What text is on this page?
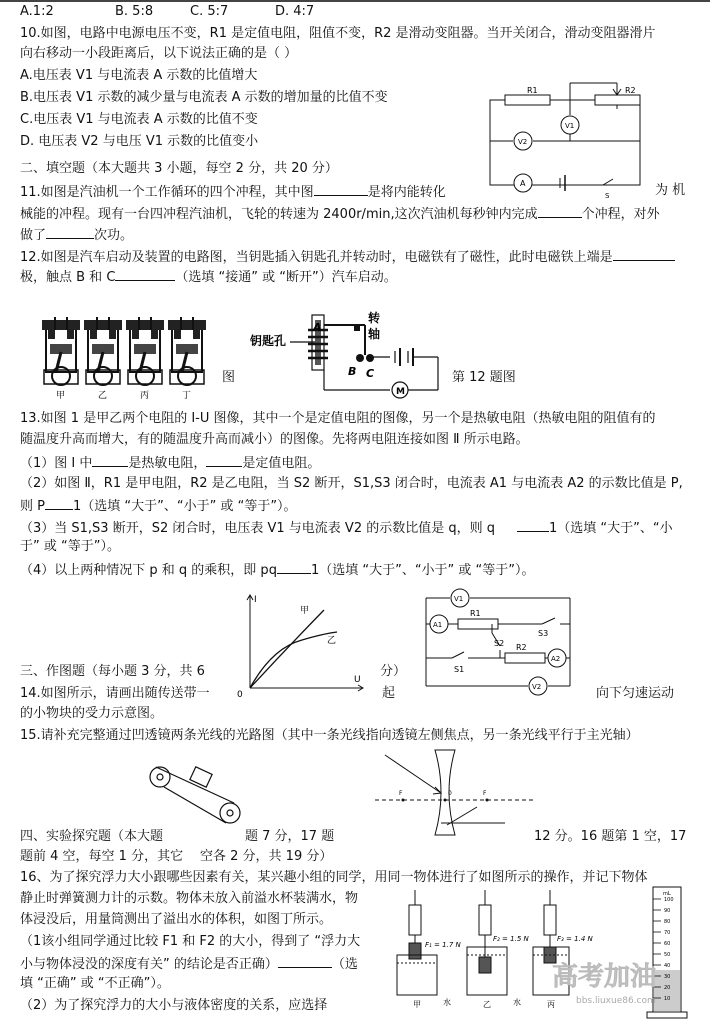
A.1:2	B. 5:8	C. 5:7	D. 4:7
10.如图，电路中电源电压不变，R1 是定值电阻，阻值不变，R2 是滑动变阻器。当开关闭合，滑动变阻器滑片
向右移动一小段距离后，以下说法正确的是（ ）
A.电压表 V1 与电流表 A 示数的比值增大
B.电压表 V1 示数的减少量与电流表 A 示数的增加量的比值不变
C.电压表 V1 与电流表 A 示数的比值不变
D. 电压表 V2 与电压 V1 示数的比值变小
R1	R2
V1
V2
A
S
二、填空题（本大题共 3 小题，每空 2 分，共 20 分）
11.如图是汽油机一个工作循环的四个冲程，其中图	是将内能转化	为 机
械能的冲程。现有一台四冲程汽油机，飞轮的转速为 2400r/min,这次汽油机每秒钟内完成	个冲程，对外
做了	次功。
12.如图是汽车启动及装置的电路图，当钥匙插入钥匙孔并转动时，电磁铁有了磁性，此时电磁铁上端是
极，触点 B 和 C	（选填 “接通” 或 “断开”）汽车启动。
甲	乙	丙	丁
图
钥匙孔
A
转
轴
B C
M
第 12 题图
13.如图 1 是甲乙两个电阻的 I-U 图像，其中一个是定值电阻的图像，另一个是热敏电阻（热敏电阻的阻值有的
随温度升高而增大，有的随温度升高而减小）的图像。先将两电阻连接如图 Ⅱ 所示电路。
（1）图 Ⅰ 中	是热敏电阻，	是定值电阻。
（2）如图 Ⅱ，R1 是甲电阻，R2 是乙电阻，当 S2 断开，S1,S3 闭合时，电流表 A1 与电流表 A2 的示数比值是 P,
则 P 1（选填 “大于”、“小于” 或 “等于”）。
（3）当 S1,S3 断开，S2 闭合时，电压表 V1 与电流表 V2 的示数比值是 q，则 q	1（选填 “大于”、“小
于” 或 “等于”）。
（4）以上两种情况下 p 和 q 的乘积，即 pq	1（选填 “大于”、“小于” 或 “等于”）。
I
U
0
甲
乙
V1
R1
A1
S2
S3
R2
A2
S1
V2
三、作图题（每小题 3 分，共 6	分）
14.如图所示，请画出随传送带一	起	向下匀速运动
的小物块的受力示意图。
15.请补充完整通过凹透镜两条光线的光路图（其中一条光线指向透镜左侧焦点，另一条光线平行于主光轴）
F	0	F
四、实验探究题（本大题	题 7 分，17 题	12 分。16 题第 1 空，17
题前 4 空，每空 1 分，其它 空各 2 分，共 19 分）
16、为了探究浮力大小跟哪些因素有关，某兴趣小组的同学，用同一物体进行了如图所示的操作，并记下物体
静止时弹簧测力计的示数。物体未放入前溢水杯装满水，物
体浸没后，用量筒测出了溢出水的体积，如图丁所示。
（1该小组同学通过比较 F1 和 F2 的大小，得到了 “浮力大
小与物体浸没的深度有关” 的结论是否正确）	（选
填 “正确” 或 “不正确”）。
（2）为了探究浮力的大小与液体密度的关系，应选择
mL
100
90
80
70
60
50
40
30
20
10
F₁ = 1.7 N
F₂ = 1.5 N	F₃ = 1.4 N
甲	水	乙	水	丙
高考加油
bbs.liuxue86.com
